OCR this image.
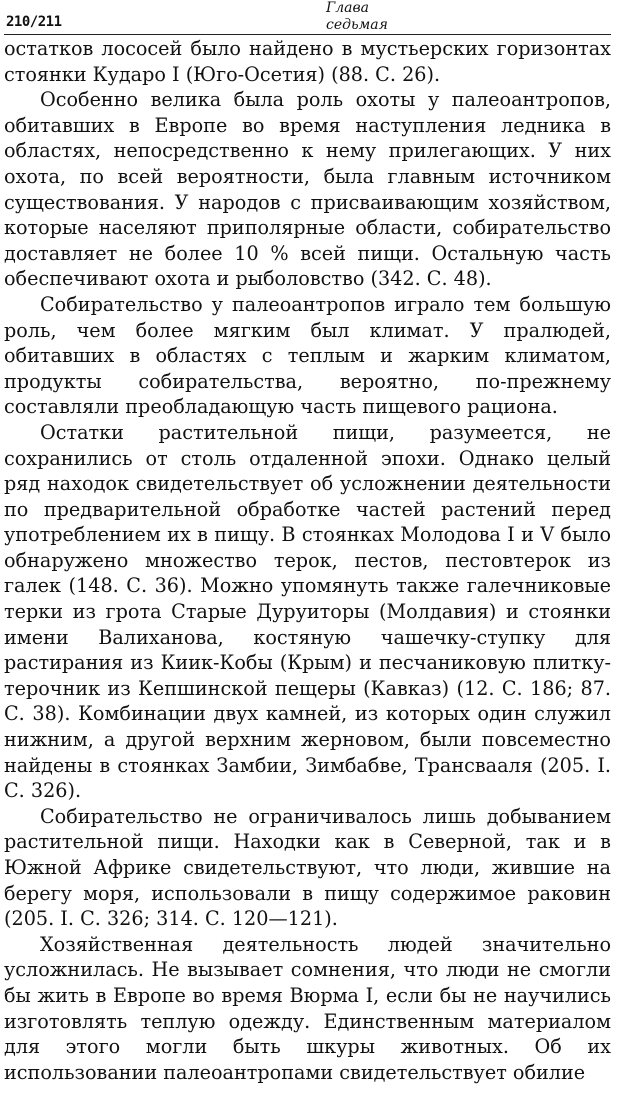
210/211
Глава
седьмая

остатков лососей было найдено в мустьерских горизонтах стоянки Кударо I (Юго-Осетия) (88. С. 26).

Особенно велика была роль охоты у палеоантропов, обитавших в Европе во время наступления ледника в областях, непосредственно к нему прилегающих. У них охота, по всей вероятности, была главным источником существования. У народов с присваивающим хозяйством, которые населяют приполярные области, собирательство доставляет не более 10 % всей пищи. Остальную часть обеспечивают охота и рыболовство (342. С. 48).

Собирательство у палеоантропов играло тем большую роль, чем более мягким был климат. У пралюдей, обитавших в областях с теплым и жарким климатом, продукты собирательства, вероятно, по-прежнему составляли преобладающую часть пищевого рациона.

Остатки растительной пищи, разумеется, не сохранились от столь отдаленной эпохи. Однако целый ряд находок свидетельствует об усложнении деятельности по предварительной обработке частей растений перед употреблением их в пищу. В стоянках Молодова I и V было обнаружено множество терок, пестов, пестовтерок из галек (148. С. 36). Можно упомянуть также галечниковые терки из грота Старые Дуруиторы (Молдавия) и стоянки имени Валиханова, костяную чашечку-ступку для растирания из Киик-Кобы (Крым) и песчаниковую плитку-терочник из Кепшинской пещеры (Кавказ) (12. С. 186; 87. С. 38). Комбинации двух камней, из которых один служил нижним, а другой верхним жерновом, были повсеместно найдены в стоянках Замбии, Зимбабве, Трансвааля (205. I. С. 326).

Собирательство не ограничивалось лишь добыванием растительной пищи. Находки как в Северной, так и в Южной Африке свидетельствуют, что люди, жившие на берегу моря, использовали в пищу содержимое раковин (205. I. С. 326; 314. С. 120—121).

Хозяйственная деятельность людей значительно усложнилась. Не вызывает сомнения, что люди не смогли бы жить в Европе во время Вюрма I, если бы не научились изготовлять теплую одежду. Единственным материалом для этого могли быть шкуры животных. Об их использовании палеоантропами свидетельствует обилие
